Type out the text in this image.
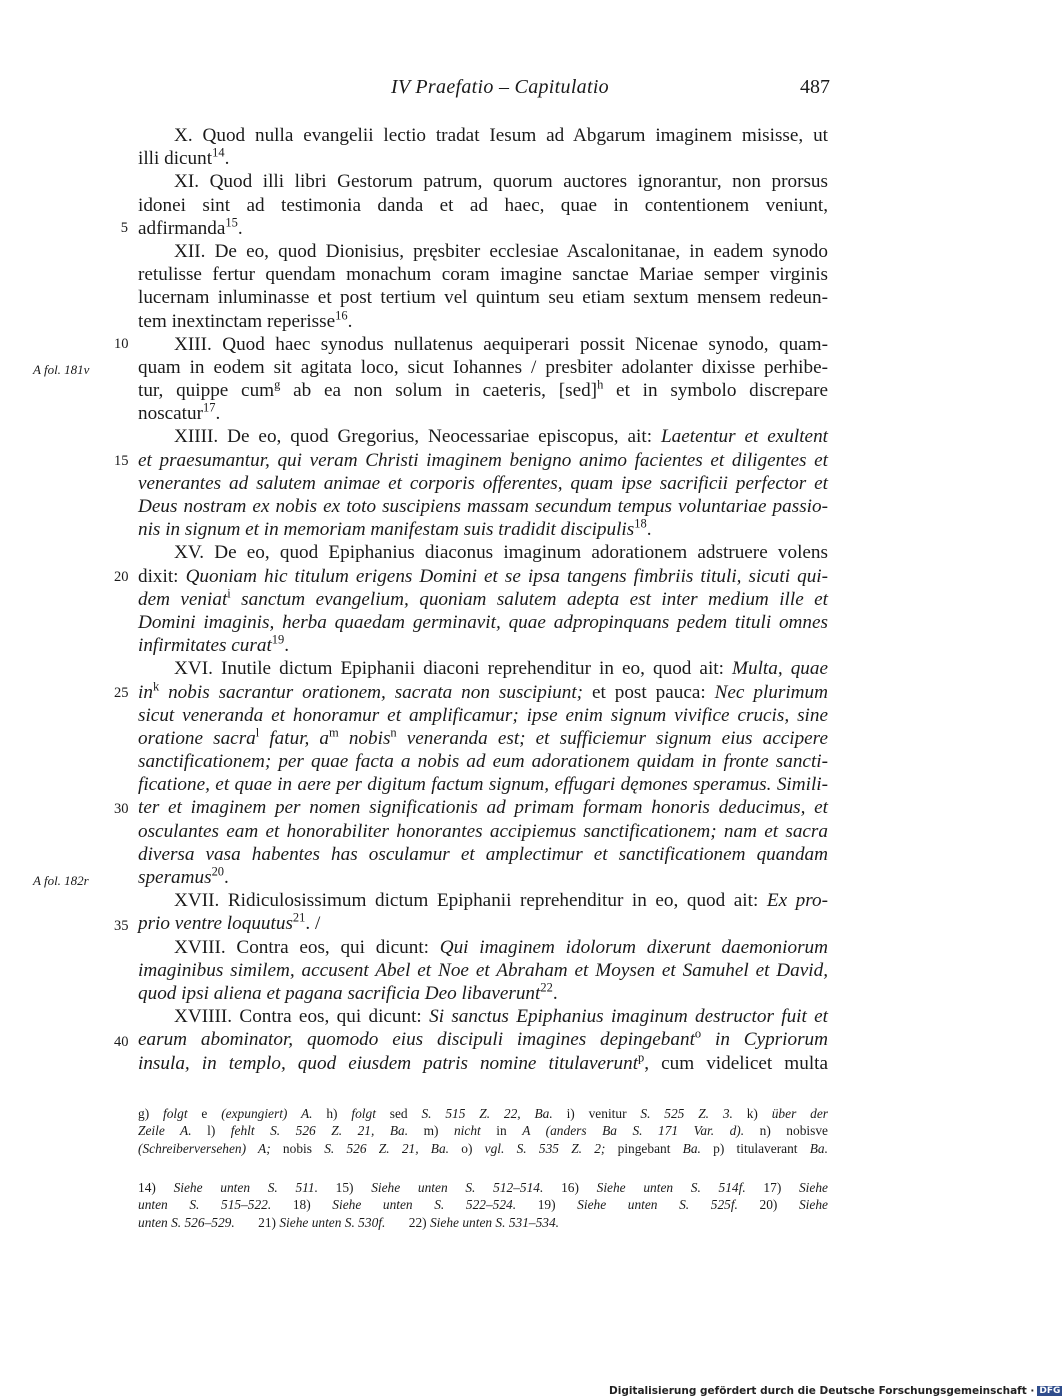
IV Praefatio – Capitulatio	487
5
10
15
20
25
30
35
40
A fol. 181v
A fol. 182r
X. Quod nulla evangelii lectio tradat Iesum ad Abgarum imaginem misisse, ut
illi dicunt$^{14}$.
XI. Quod illi libri Gestorum patrum, quorum auctores ignorantur, non prorsus
idonei sint ad testimonia danda et ad haec, quae in contentionem veniunt,
adfirmanda$^{15}$.
XII. De eo, quod Dionisius, pręsbiter ecclesiae Ascalonitanae, in eadem synodo
retulisse fertur quendam monachum coram imagine sanctae Mariae semper virginis
lucernam inluminasse et post tertium vel quintum seu etiam sextum mensem redeun-
tem inextinctam reperisse$^{16}$.
XIII. Quod haec synodus nullatenus aequiperari possit Nicenae synodo, quam-
quam in eodem sit agitata loco, sicut Iohannes / presbiter adolanter dixisse perhibe-
tur, quippe cum$^g$ ab ea non solum in caeteris, [sed]$^h$ et in symbolo discrepare
noscatur$^{17}$.
XIIII. De eo, quod Gregorius, Neocessariae episcopus, ait: Laetentur et exultent
et praesumantur, qui veram Christi imaginem benigno animo facientes et diligentes et
venerantes ad salutem animae et corporis offerentes, quam ipse sacrificii perfector et
Deus nostram ex nobis ex toto suscipiens massam secundum tempus voluntariae passio-
nis in signum et in memoriam manifestam suis tradidit discipulis$^{18}$.
XV. De eo, quod Epiphanius diaconus imaginum adorationem adstruere volens
dixit: Quoniam hic titulum erigens Domini et se ipsa tangens fimbriis tituli, sicuti qui-
dem veniat$^i$ sanctum evangelium, quoniam salutem adepta est inter medium ille et
Domini imaginis, herba quaedam germinavit, quae adpropinquans pedem tituli omnes
infirmitates curat$^{19}$.
XVI. Inutile dictum Epiphanii diaconi reprehenditur in eo, quod ait: Multa, quae
$in^k$ nobis sacrantur orationem, sacrata non suscipiunt; et post pauca: Nec plurimum
sicut veneranda et honoramur et amplificamur; ipse enim signum vivifice crucis, sine
oratione sacra$^l$ fatur, $a^m$ nobis$^n$ veneranda est; et sufficiemur signum eius accipere
sanctificationem; per quae facta a nobis ad eum adorationem quidam in fronte sancti-
ficatione, et quae in aere per digitum factum signum, effugari dęmones speramus. Simili-
ter et imaginem per nomen significationis ad primam formam honoris deducimus, et
osculantes eam et honorabiliter honorantes accipiemus sanctificationem; nam et sacra
diversa vasa habentes has osculamur et amplectimur et sanctificationem quandam
speramus$^{20}$.
XVII. Ridiculosissimum dictum Epiphanii reprehenditur in eo, quod ait: Ex pro-
prio ventre loquutus$^{21}$. /
XVIII. Contra eos, qui dicunt: Qui imaginem idolorum dixerunt daemoniorum
imaginibus similem, accusent Abel et Noe et Abraham et Moysen et Samuhel et David,
quod ipsi aliena et pagana sacrificia Deo libaverunt$^{22}$.
XVIIII. Contra eos, qui dicunt: Si sanctus Epiphanius imaginum destructor fuit et
earum abominator, quomodo eius discipuli imagines depingebant$^o$ in Cypriorum
insula, in templo, quod eiusdem patris nomine titulaverunt$^p$, cum videlicet multa
g) folgt e (expungiert) A. h) folgt sed S. 515 Z. 22, Ba. i) venitur S. 525 Z. 3. k) über der
Zeile A. l) fehlt S. 526 Z. 21, Ba. m) nicht in A (anders Ba S. 171 Var. d). n) nobisve
(Schreiberversehen) A; nobis S. 526 Z. 21, Ba. o) vgl. S. 535 Z. 2; pingebant Ba. p) titulaverant Ba.
14) Siehe unten S. 511. 15) Siehe unten S. 512–514. 16) Siehe unten S. 514f. 17) Siehe
unten S. 515–522. 18) Siehe unten S. 522–524. 19) Siehe unten S. 525f. 20) Siehe
unten S. 526–529. 21) Siehe unten S. 530f. 22) Siehe unten S. 531–534.
Digitalisierung gefördert durch die Deutsche Forschungsgemeinschaft · DFG
